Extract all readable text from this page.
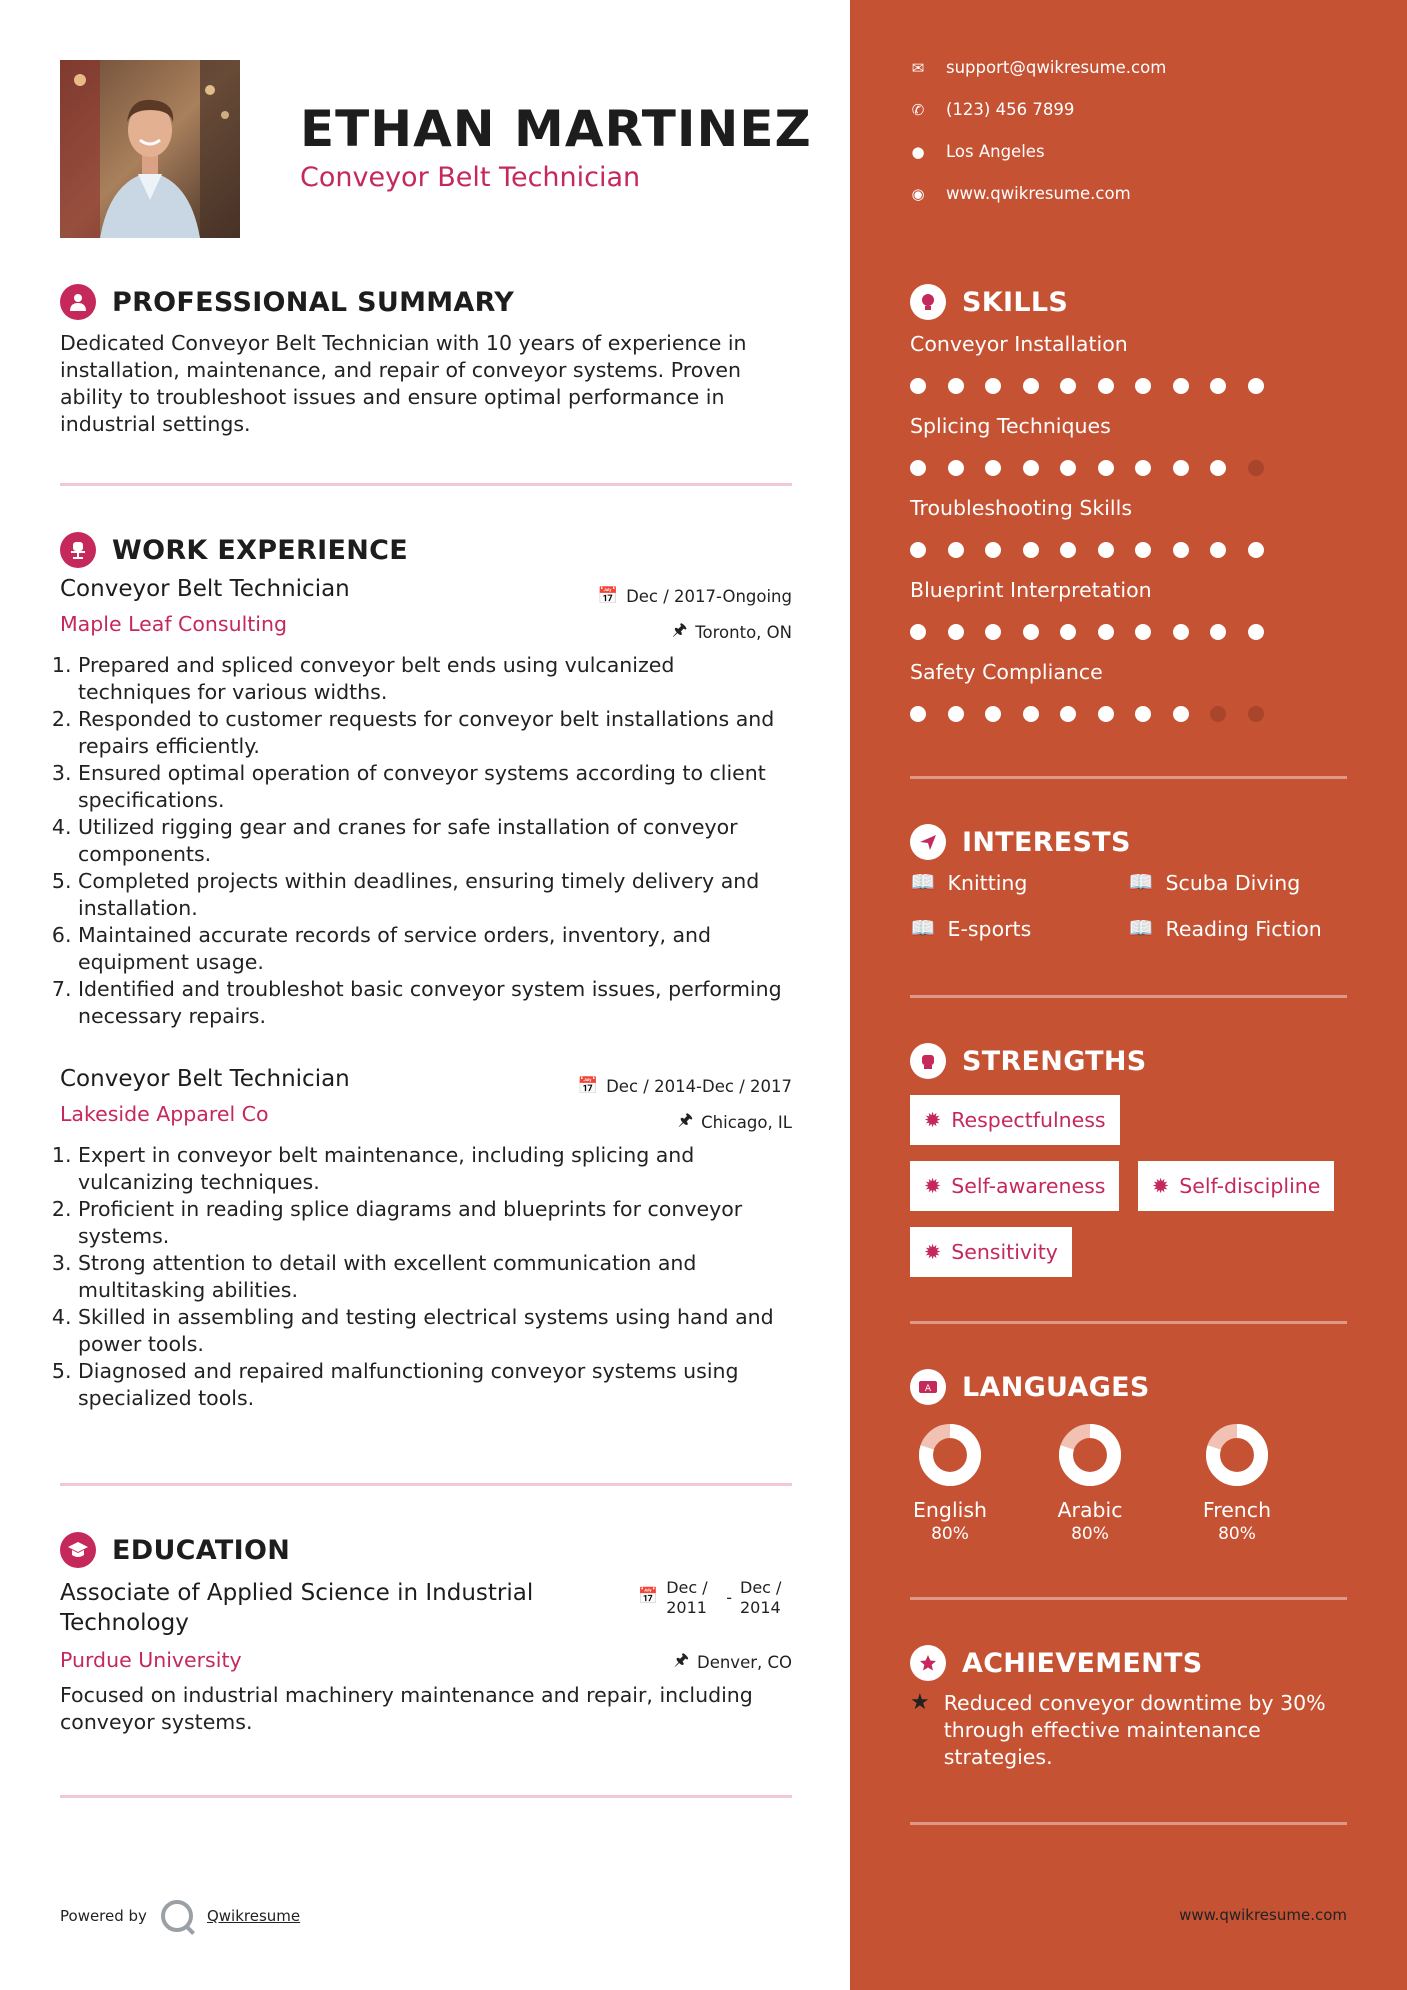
ETHAN MARTINEZ
Conveyor Belt Technician
PROFESSIONAL SUMMARY
Dedicated Conveyor Belt Technician with 10 years of experience in installation, maintenance, and repair of conveyor systems. Proven ability to troubleshoot issues and ensure optimal performance in industrial settings.
WORK EXPERIENCE
Conveyor Belt Technician	📅 Dec / 2017-Ongoing
Maple Leaf Consulting	🖈 Toronto, ON
1. Prepared and spliced conveyor belt ends using vulcanized techniques for various widths.
2. Responded to customer requests for conveyor belt installations and repairs efficiently.
3. Ensured optimal operation of conveyor systems according to client specifications.
4. Utilized rigging gear and cranes for safe installation of conveyor components.
5. Completed projects within deadlines, ensuring timely delivery and installation.
6. Maintained accurate records of service orders, inventory, and equipment usage.
7. Identified and troubleshot basic conveyor system issues, performing necessary repairs.
Conveyor Belt Technician	📅 Dec / 2014-Dec / 2017
Lakeside Apparel Co	🖈 Chicago, IL
1. Expert in conveyor belt maintenance, including splicing and vulcanizing techniques.
2. Proficient in reading splice diagrams and blueprints for conveyor systems.
3. Strong attention to detail with excellent communication and multitasking abilities.
4. Skilled in assembling and testing electrical systems using hand and power tools.
5. Diagnosed and repaired malfunctioning conveyor systems using specialized tools.
EDUCATION
Associate of Applied Science in Industrial Technology
📅 Dec / 2011
-
Dec / 2014
Purdue University	🖈 Denver, CO
Focused on industrial machinery maintenance and repair, including conveyor systems.
Powered by	Qwikresume
✉ support@qwikresume.com
✆ (123) 456 7899
● Los Angeles
◉ www.qwikresume.com
SKILLS
Conveyor Installation
Splicing Techniques
Troubleshooting Skills
Blueprint Interpretation
Safety Compliance
INTERESTS
📖 Knitting	📖 Scuba Diving
📖 E-sports	📖 Reading Fiction
STRENGTHS
✹ Respectfulness
✹ Self-awareness ✹ Self-discipline
✹ Sensitivity
A LANGUAGES
English
80%
Arabic
80%
French
80%
ACHIEVEMENTS
★ Reduced conveyor downtime by 30% through effective maintenance strategies.
www.qwikresume.com
